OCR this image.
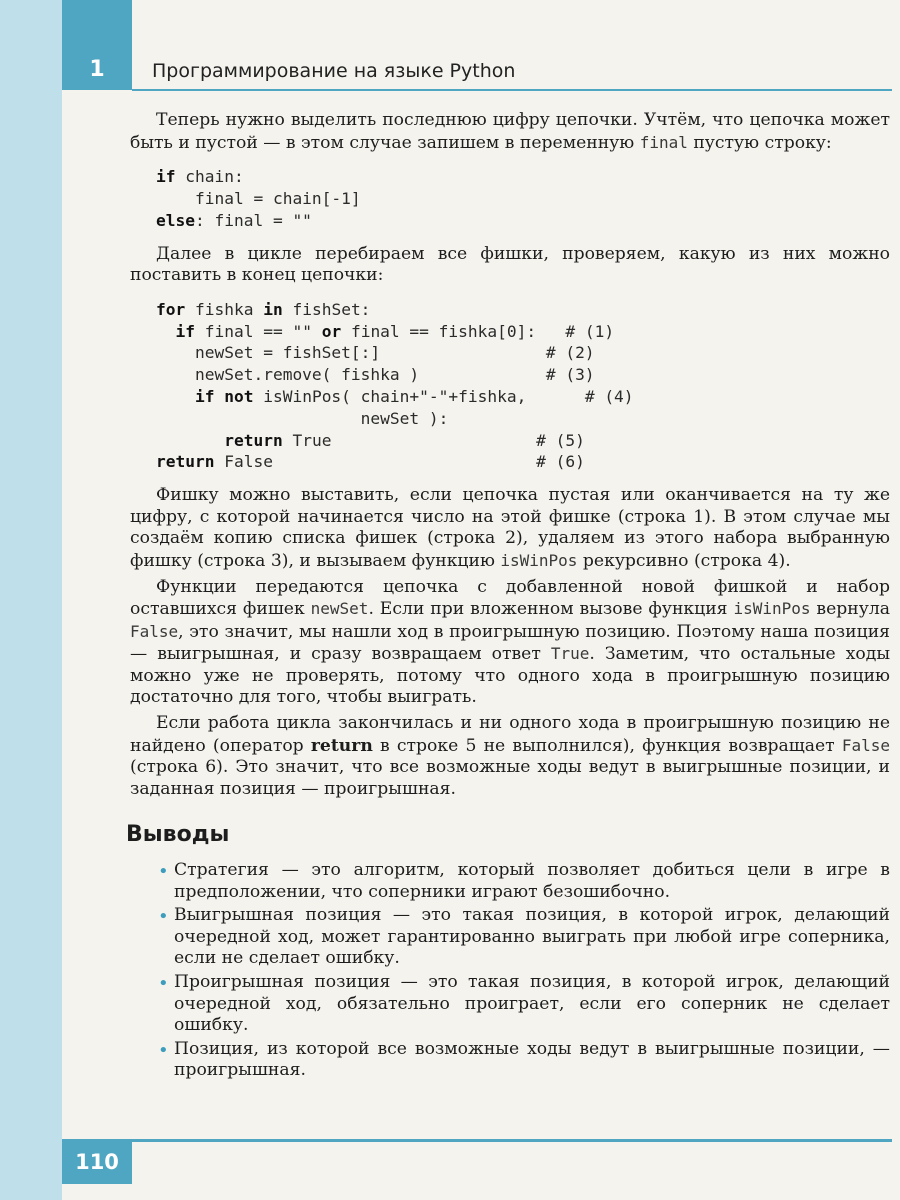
1 Программирование на языке Python

Теперь нужно выделить последнюю цифру цепочки. Учтём, что цепочка может быть и пустой — в этом случае запишем в переменную final пустую строку:

if chain:
final = chain[-1]
else: final = ""

Далее в цикле перебираем все фишки, проверяем, какую из них можно поставить в конец цепочки:

for fishka in fishSet:
if final == "" or final == fishka[0]:   # (1)
newSet = fishSet[:]                 # (2)
newSet.remove( fishka )             # (3)
if not isWinPos( chain+"-"+fishka,      # (4)
newSet ):
return True                     # (5)
return False                           # (6)

Фишку можно выставить, если цепочка пустая или оканчивается на ту же цифру, с которой начинается число на этой фишке (строка 1). В этом случае мы создаём копию списка фишек (строка 2), удаляем из этого набора выбранную фишку (строка 3), и вызываем функцию isWinPos рекурсивно (строка 4).

Функции передаются цепочка с добавленной новой фишкой и набор оставшихся фишек newSet. Если при вложенном вызове функция isWinPos вернула False, это значит, мы нашли ход в проигрышную позицию. Поэтому наша позиция — выигрышная, и сразу возвращаем ответ True. Заметим, что остальные ходы можно уже не проверять, потому что одного хода в проигрышную позицию достаточно для того, чтобы выиграть.

Если работа цикла закончилась и ни одного хода в проигрышную позицию не найдено (оператор return в строке 5 не выполнился), функция возвращает False (строка 6). Это значит, что все возможные ходы ведут в выигрышные позиции, и заданная позиция — проигрышная.

Выводы
• Стратегия — это алгоритм, который позволяет добиться цели в игре в предположении, что соперники играют безошибочно.
• Выигрышная позиция — это такая позиция, в которой игрок, делающий очередной ход, может гарантированно выиграть при любой игре соперника, если не сделает ошибку.
• Проигрышная позиция — это такая позиция, в которой игрок, делающий очередной ход, обязательно проиграет, если его соперник не сделает ошибку.
• Позиция, из которой все возможные ходы ведут в выигрышные позиции, — проигрышная.
110
